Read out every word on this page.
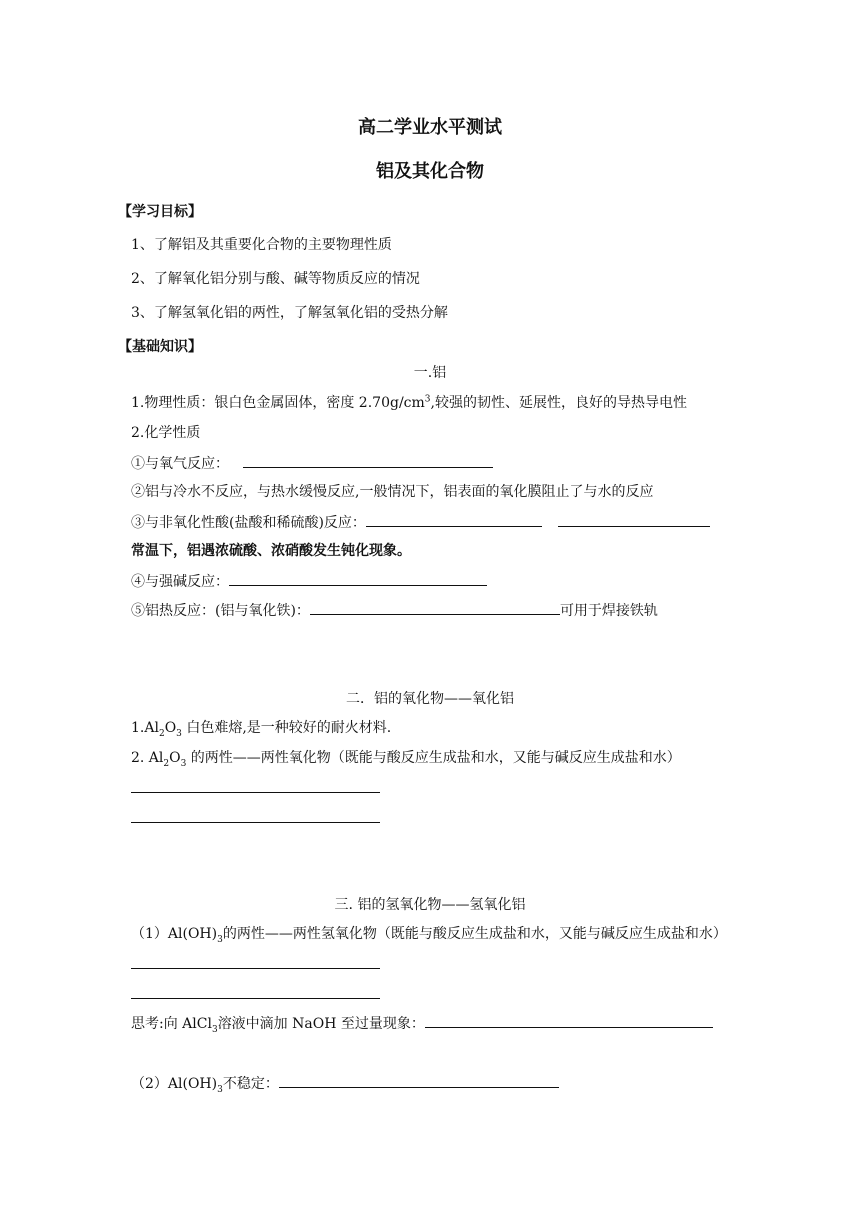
高二学业水平测试
铝及其化合物
【学习目标】
1、了解铝及其重要化合物的主要物理性质
2、了解氧化铝分别与酸、碱等物质反应的情况
3、了解氢氧化铝的两性，了解氢氧化铝的受热分解
【基础知识】
一.铝
1.物理性质：银白色金属固体，密度 $2.70g/cm^3$,较强的韧性、延展性，良好的导热导电性
2.化学性质
①与氧气反应：
②铝与冷水不反应，与热水缓慢反应,一般情况下，铝表面的氧化膜阻止了与水的反应
③与非氧化性酸(盐酸和稀硫酸)反应：
常温下，铝遇浓硫酸、浓硝酸发生钝化现象。
④与强碱反应：
⑤铝热反应：(铝与氧化铁)：	可用于焊接铁轨
二．铝的氧化物——氧化铝
$1.Al_2O_3$ 白色难熔,是一种较好的耐火材料.
2. $Al_2O_3$ 的两性——两性氧化物（既能与酸反应生成盐和水，又能与碱反应生成盐和水）
三. 铝的氢氧化物——氢氧化铝
$(1)Al(OH)_3$的两性——两性氢氧化物（既能与酸反应生成盐和水，又能与碱反应生成盐和水）
思考:向 AlCl$_3$溶液中滴加 NaOH 至过量现象：
$(2)Al(OH)_3$不稳定：
